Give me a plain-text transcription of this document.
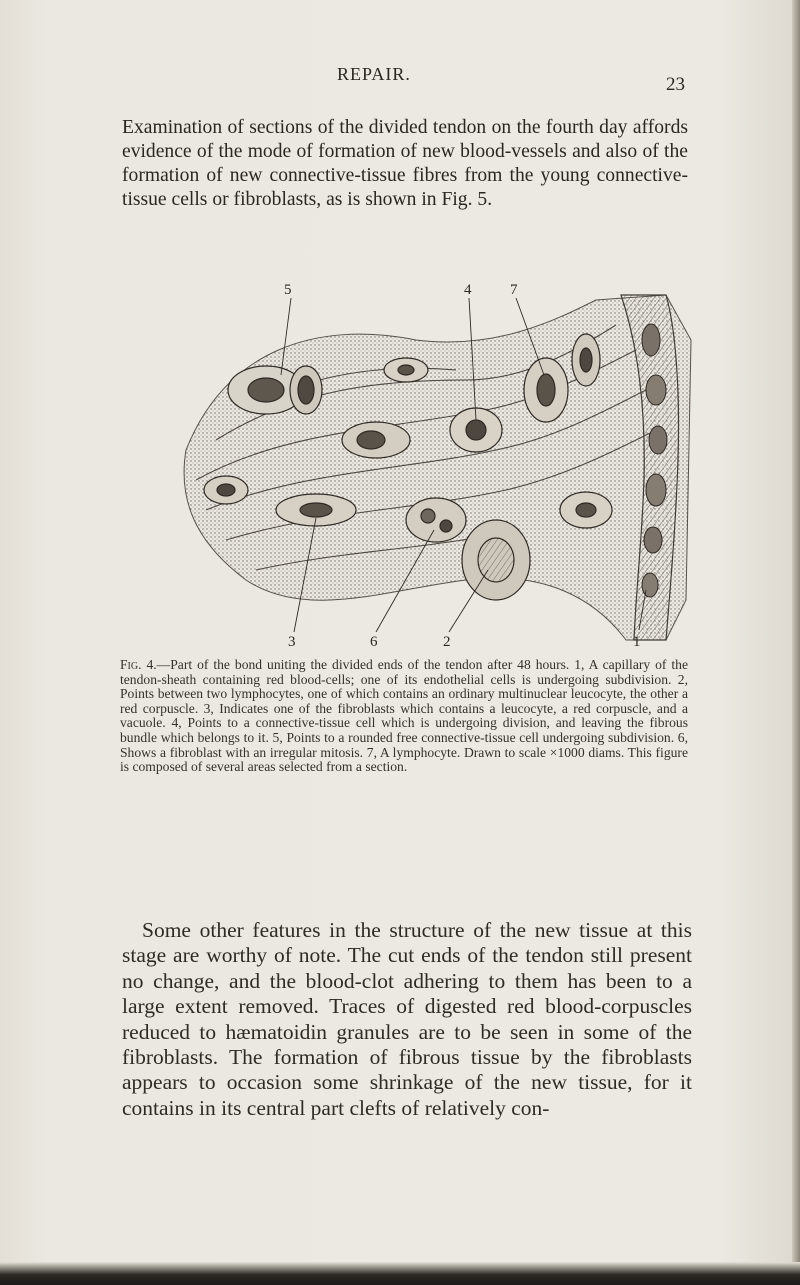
REPAIR.	23

Examination of sections of the divided tendon on the fourth day affords evidence of the mode of formation of new blood-vessels and also of the formation of new connective-tissue fibres from the young connective-tissue cells or fibroblasts, as is shown in Fig. 5.

5	4	7
3	6	2	1

Fig. 4.—Part of the bond uniting the divided ends of the tendon after 48 hours. 1, A capillary of the tendon-sheath containing red blood-cells; one of its endothelial cells is undergoing subdivision. 2, Points between two lymphocytes, one of which contains an ordinary multinuclear leucocyte, the other a red corpuscle. 3, Indicates one of the fibroblasts which contains a leucocyte, a red corpuscle, and a vacuole. 4, Points to a connective-tissue cell which is undergoing division, and leaving the fibrous bundle which belongs to it. 5, Points to a rounded free connective-tissue cell undergoing subdivision. 6, Shows a fibroblast with an irregular mitosis. 7, A lymphocyte. Drawn to scale ×1000 diams. This figure is composed of several areas selected from a section.

Some other features in the structure of the new tissue at this stage are worthy of note. The cut ends of the tendon still present no change, and the blood-clot adhering to them has been to a large extent removed. Traces of digested red blood-corpuscles reduced to hæmatoidin granules are to be seen in some of the fibroblasts. The formation of fibrous tissue by the fibroblasts appears to occasion some shrinkage of the new tissue, for it contains in its central part clefts of relatively con-
